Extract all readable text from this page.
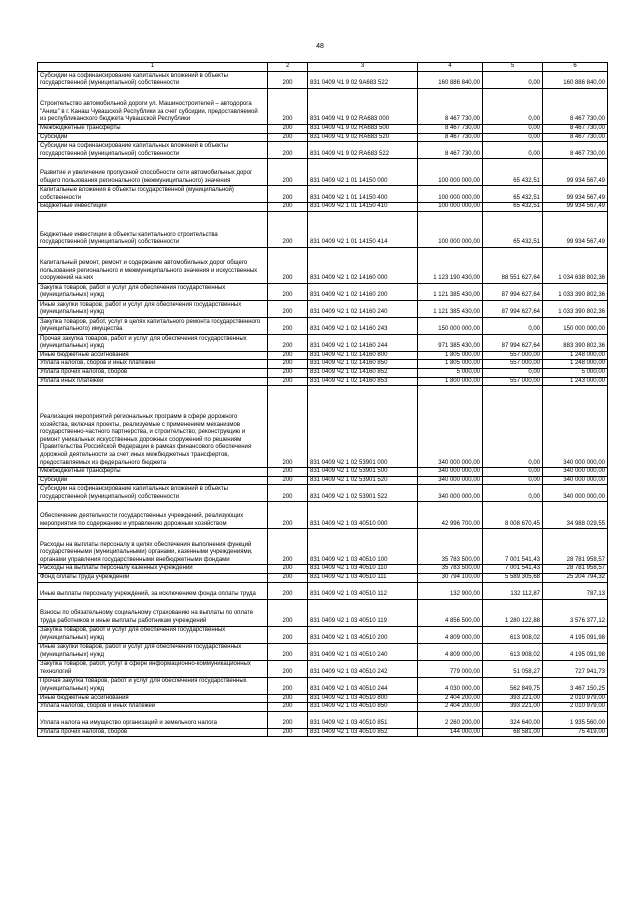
48
1	2	3	4	5	6
Субсидии на софинансирование капитальных вложений в объекты государственной (муниципальной) собственности	200	831 0409 Ч1 9 02 9А683 522	160 886 840,00	0,00	160 886 840,00
Строительство автомобильной дороги ул. Машиностроителей – автодорога "Аниш" в г. Канаш Чувашской Республики за счет субсидии, предоставляемой из республиканского бюджета Чувашской Республики	200	831 0409 Ч1 9 02 RA683 000	8 467 730,00	0,00	8 467 730,00
Межбюджетные трансферты	200	831 0409 Ч1 9 02 RA683 500	8 467 730,00	0,00	8 467 730,00
Субсидии	200	831 0409 Ч1 9 02 RA683 520	8 467 730,00	0,00	8 467 730,00
Субсидии на софинансирование капитальных вложений в объекты государственной (муниципальной) собственности	200	831 0409 Ч1 9 02 RA683 522	8 467 730,00	0,00	8 467 730,00
Развитие и увеличение пропускной способности сети автомобильных дорог общего пользования регионального (межмуниципального) значения	200	831 0409 Ч2 1 01 14150 000	100 000 000,00	65 432,51	99 934 567,49
Капитальные вложения в объекты государственной (муниципальной) собственности	200	831 0409 Ч2 1 01 14150 400	100 000 000,00	65 432,51	99 934 567,49
Бюджетные инвестиции	200	831 0409 Ч2 1 01 14150 410	100 000 000,00	65 432,51	99 934 567,49
Бюджетные инвестиции в объекты капитального строительства государственной (муниципальной) собственности	200	831 0409 Ч2 1 01 14150 414	100 000 000,00	65 432,51	99 934 567,49
Капитальный ремонт, ремонт и содержание автомобильных дорог общего пользования регионального и межмуниципального значения и искусственных сооружений на них	200	831 0409 Ч2 1 02 14160 000	1 123 190 430,00	88 551 627,64	1 034 638 802,36
Закупка товаров, работ и услуг для обеспечения государственных (муниципальных) нужд	200	831 0409 Ч2 1 02 14160 200	1 121 385 430,00	87 994 627,64	1 033 390 802,36
Иные закупки товаров, работ и услуг для обеспечения государственных (муниципальных) нужд	200	831 0409 Ч2 1 02 14160 240	1 121 385 430,00	87 994 627,64	1 033 390 802,36
Закупка товаров, работ, услуг в целях капитального ремонта государственного (муниципального) имущества	200	831 0409 Ч2 1 02 14160 243	150 000 000,00	0,00	150 000 000,00
Прочая закупка товаров, работ и услуг для обеспечения государственных (муниципальных) нужд	200	831 0409 Ч2 1 02 14160 244	971 385 430,00	87 994 627,64	883 390 802,36
Иные бюджетные ассигнования	200	831 0409 Ч2 1 02 14160 800	1 805 000,00	557 000,00	1 248 000,00
Уплата налогов, сборов и иных платежей	200	831 0409 Ч2 1 02 14160 850	1 805 000,00	557 000,00	1 248 000,00
Уплата прочих налогов, сборов	200	831 0409 Ч2 1 02 14160 852	5 000,00	0,00	5 000,00
Уплата иных платежей	200	831 0409 Ч2 1 02 14160 853	1 800 000,00	557 000,00	1 243 000,00
Реализация мероприятий региональных программ в сфере дорожного хозяйства, включая проекты, реализуемые с применением механизмов государственно-частного партнерства, и строительство, реконструкцию и ремонт уникальных искусственных дорожных сооружений по решениям Правительства Российской Федерации в рамках финансового обеспечения дорожной деятельности за счет иных межбюджетных трансфертов, предоставляемых из федерального бюджета	200	831 0409 Ч2 1 02 53901 000	340 000 000,00	0,00	340 000 000,00
Межбюджетные трансферты	200	831 0409 Ч2 1 02 53901 500	340 000 000,00	0,00	340 000 000,00
Субсидии	200	831 0409 Ч2 1 02 53901 520	340 000 000,00	0,00	340 000 000,00
Субсидии на софинансирование капитальных вложений в объекты государственной (муниципальной) собственности	200	831 0409 Ч2 1 02 53901 522	340 000 000,00	0,00	340 000 000,00
Обеспечение деятельности государственных учреждений, реализующих мероприятия по содержанию и управлению дорожным хозяйством	200	831 0409 Ч2 1 03 40510 000	42 996 700,00	8 008 670,45	34 988 029,55
Расходы на выплаты персоналу в целях обеспечения выполнения функций государственными (муниципальными) органами, казенными учреждениями, органами управления государственными внебюджетными фондами	200	831 0409 Ч2 1 03 40510 100	35 783 500,00	7 001 541,43	28 781 958,57
Расходы на выплаты персоналу казенных учреждений	200	831 0409 Ч2 1 03 40510 110	35 783 500,00	7 001 541,43	28 781 958,57
Фонд оплаты труда учреждений	200	831 0409 Ч2 1 03 40510 111	30 794 100,00	5 589 305,68	25 204 794,32
Иные выплаты персоналу учреждений, за исключением фонда оплаты труда	200	831 0409 Ч2 1 03 40510 112	132 900,00	132 112,87	787,13
Взносы по обязательному социальному страхованию на выплаты по оплате труда работников и иные выплаты работникам учреждений	200	831 0409 Ч2 1 03 40510 119	4 856 500,00	1 280 122,88	3 576 377,12
Закупка товаров, работ и услуг для обеспечения государственных (муниципальных) нужд	200	831 0409 Ч2 1 03 40510 200	4 809 000,00	613 908,02	4 195 091,98
Иные закупки товаров, работ и услуг для обеспечения государственных (муниципальных) нужд	200	831 0409 Ч2 1 03 40510 240	4 809 000,00	613 908,02	4 195 091,98
Закупка товаров, работ, услуг в сфере информационно-коммуникационных технологий	200	831 0409 Ч2 1 03 40510 242	779 000,00	51 058,27	727 941,73
Прочая закупка товаров, работ и услуг для обеспечения государственных (муниципальных) нужд	200	831 0409 Ч2 1 03 40510 244	4 030 000,00	562 849,75	3 467 150,25
Иные бюджетные ассигнования	200	831 0409 Ч2 1 03 40510 800	2 404 200,00	393 221,00	2 010 979,00
Уплата налогов, сборов и иных платежей	200	831 0409 Ч2 1 03 40510 850	2 404 200,00	393 221,00	2 010 979,00
Уплата налога на имущество организаций и земельного налога	200	831 0409 Ч2 1 03 40510 851	2 260 200,00	324 640,00	1 935 560,00
Уплата прочих налогов, сборов	200	831 0409 Ч2 1 03 40510 852	144 000,00	68 581,00	75 419,00
